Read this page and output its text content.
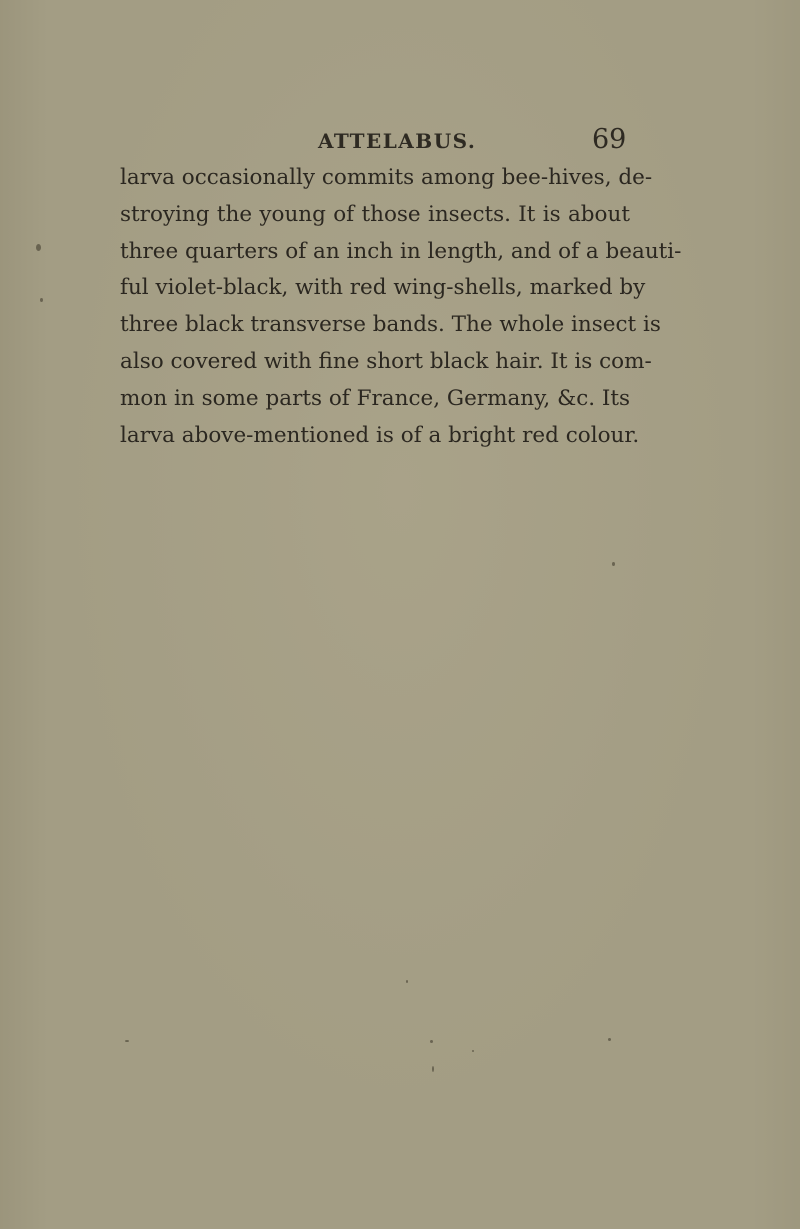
ATTELABUS.	69
larva occasionally commits among bee-hives, de-
stroying the young of those insects. It is about
three quarters of an inch in length, and of a beauti-
ful violet-black, with red wing-shells, marked by
three black transverse bands. The whole insect is
also covered with fine short black hair. It is com-
mon in some parts of France, Germany, &c. Its
larva above-mentioned is of a bright red colour.
